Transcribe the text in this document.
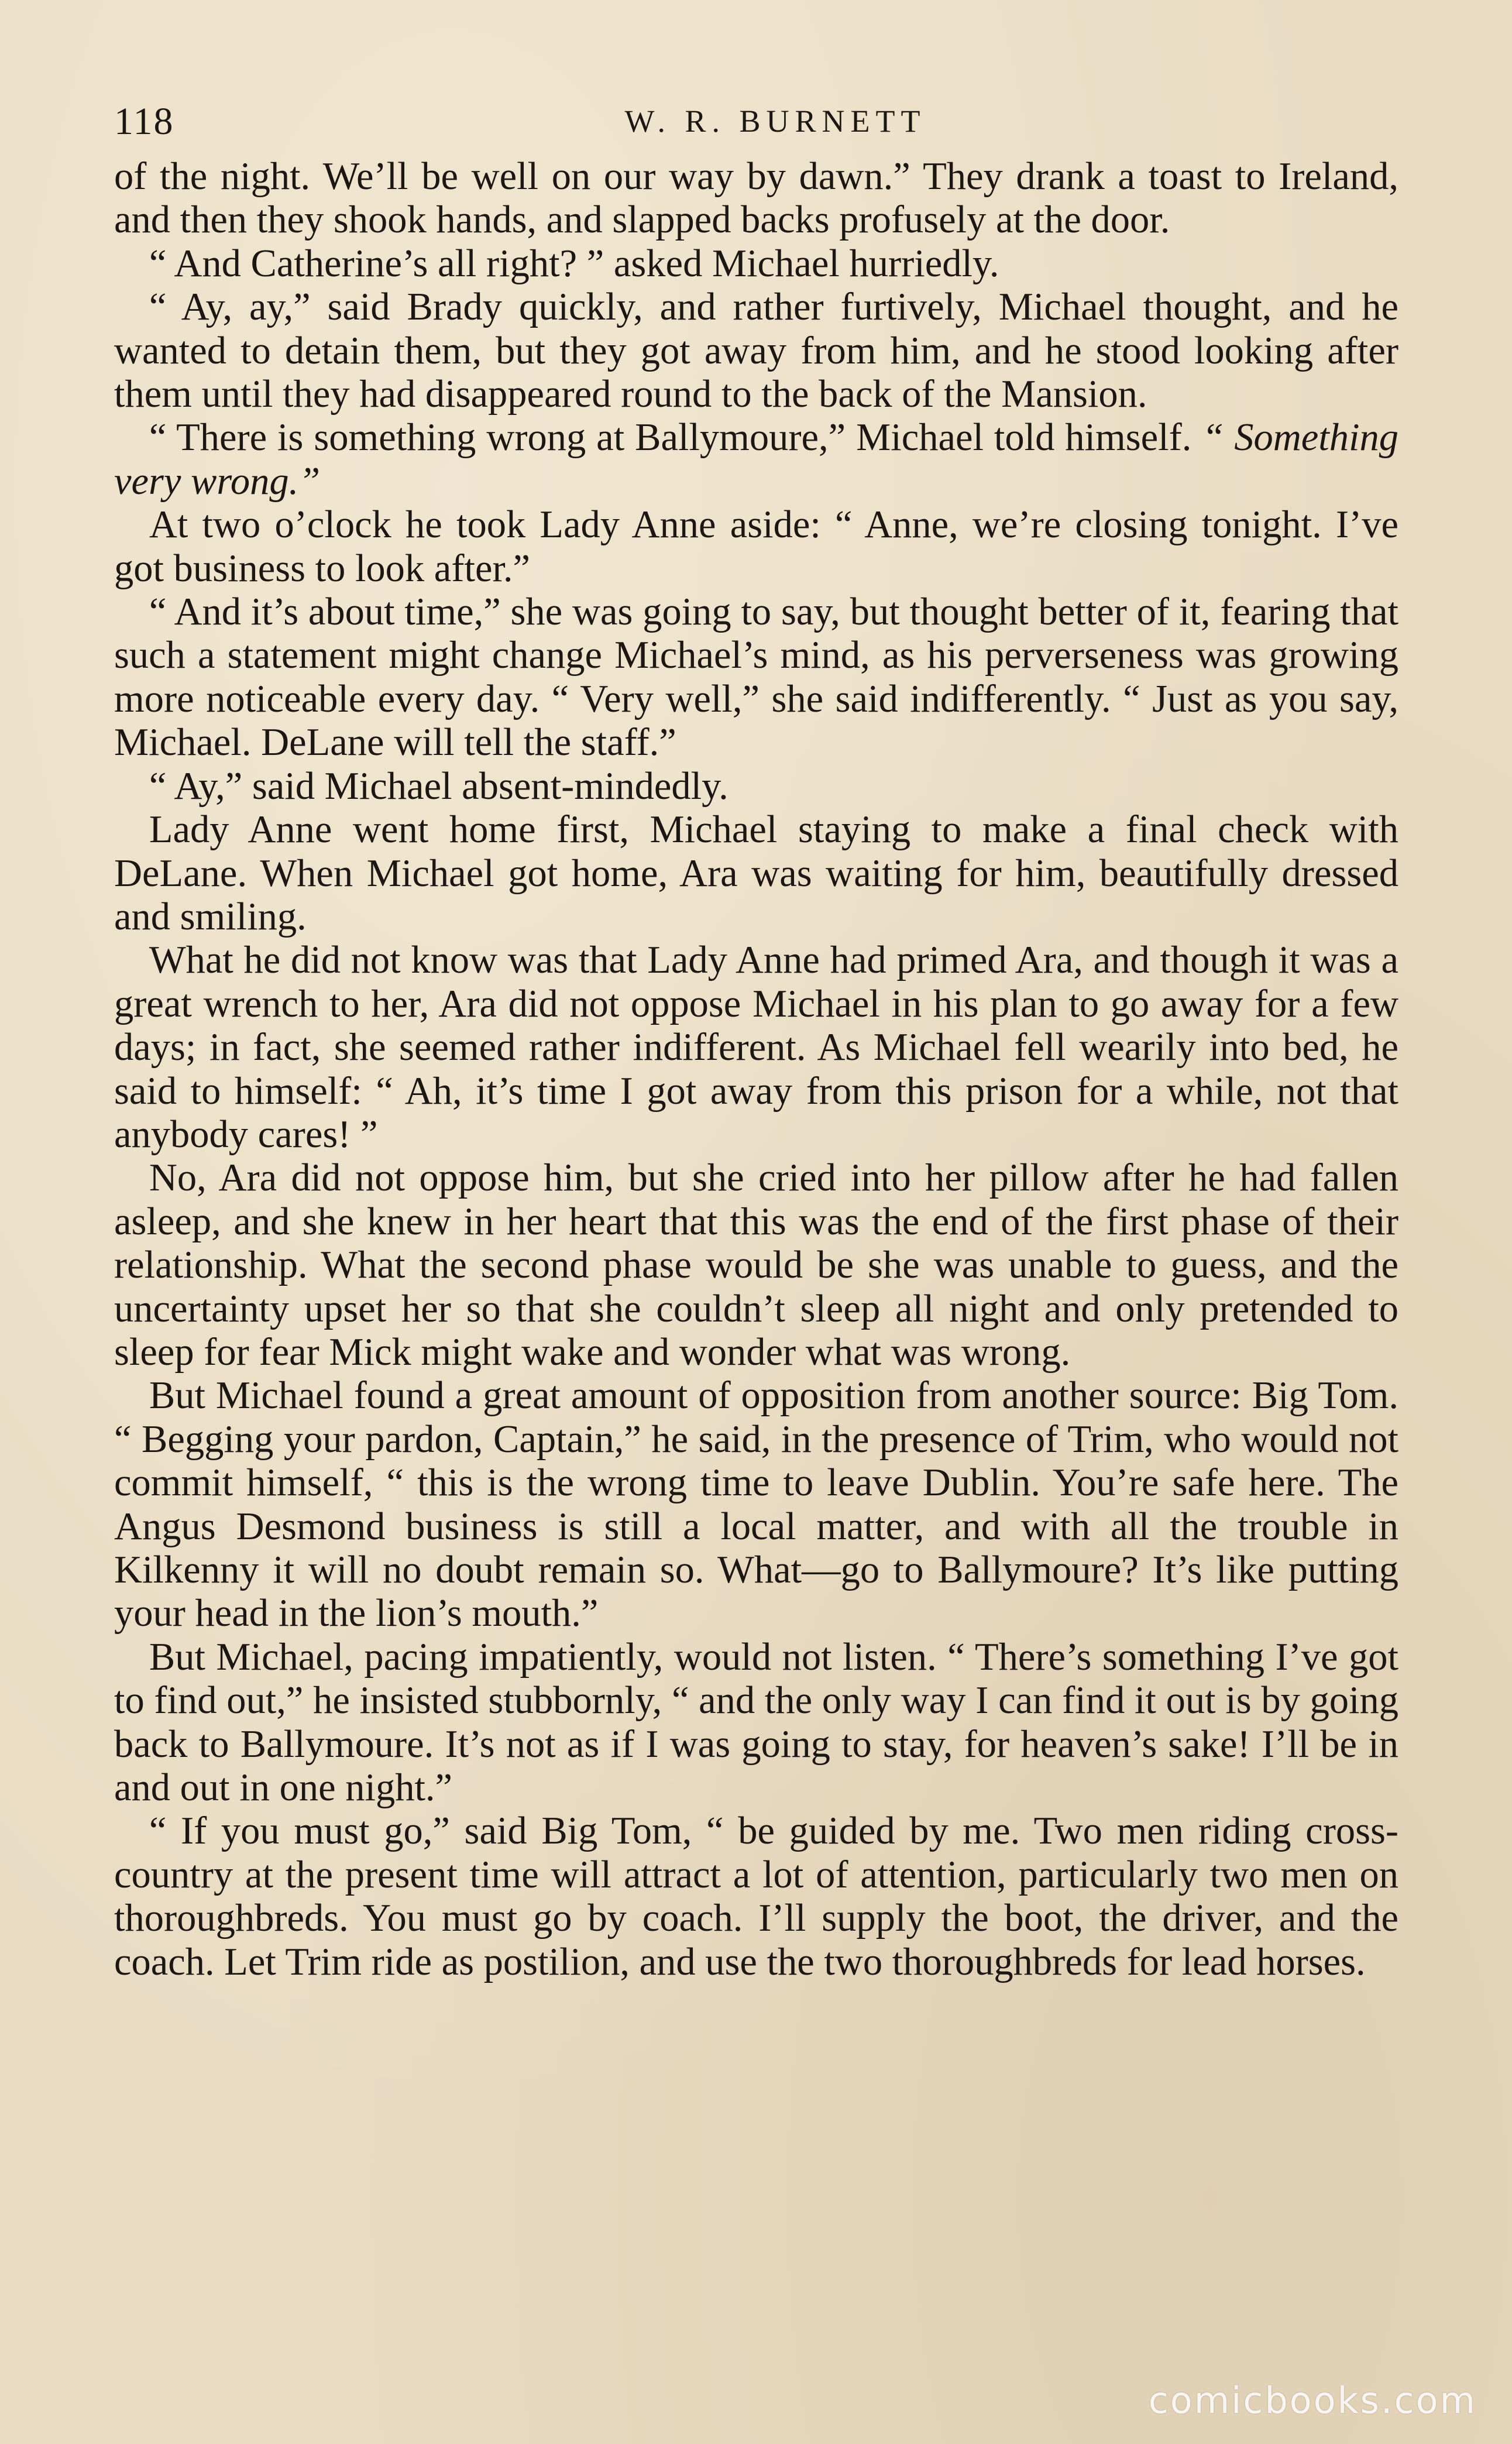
118	W. R. BURNETT

of the night. We’ll be well on our way by dawn.” They drank a toast to Ireland, and then they shook hands, and slapped backs profusely at the door.

“ And Catherine’s all right? ” asked Michael hurriedly.

“ Ay, ay,” said Brady quickly, and rather furtively, Michael thought, and he wanted to detain them, but they got away from him, and he stood looking after them until they had disappeared round to the back of the Mansion.

“ There is something wrong at Ballymoure,” Michael told himself. “ Something very wrong.”

At two o’clock he took Lady Anne aside: “ Anne, we’re closing tonight. I’ve got business to look after.”

“ And it’s about time,” she was going to say, but thought better of it, fearing that such a statement might change Michael’s mind, as his perverseness was growing more noticeable every day. “ Very well,” she said indifferently. “ Just as you say, Michael. DeLane will tell the staff.”

“ Ay,” said Michael absent-mindedly.

Lady Anne went home first, Michael staying to make a final check with DeLane. When Michael got home, Ara was waiting for him, beautifully dressed and smiling.

What he did not know was that Lady Anne had primed Ara, and though it was a great wrench to her, Ara did not oppose Michael in his plan to go away for a few days; in fact, she seemed rather indifferent. As Michael fell wearily into bed, he said to himself: “ Ah, it’s time I got away from this prison for a while, not that anybody cares! ”

No, Ara did not oppose him, but she cried into her pillow after he had fallen asleep, and she knew in her heart that this was the end of the first phase of their relationship. What the second phase would be she was unable to guess, and the uncertainty upset her so that she couldn’t sleep all night and only pretended to sleep for fear Mick might wake and wonder what was wrong.

But Michael found a great amount of opposition from another source: Big Tom. “ Begging your pardon, Captain,” he said, in the presence of Trim, who would not commit himself, “ this is the wrong time to leave Dublin. You’re safe here. The Angus Desmond business is still a local matter, and with all the trouble in Kilkenny it will no doubt remain so. What—go to Ballymoure? It’s like putting your head in the lion’s mouth.”

But Michael, pacing impatiently, would not listen. “ There’s something I’ve got to find out,” he insisted stubbornly, “ and the only way I can find it out is by going back to Ballymoure. It’s not as if I was going to stay, for heaven’s sake! I’ll be in and out in one night.”

“ If you must go,” said Big Tom, “ be guided by me. Two men riding cross-country at the present time will attract a lot of attention, particularly two men on thoroughbreds. You must go by coach. I’ll supply the boot, the driver, and the coach. Let Trim ride as postilion, and use the two thoroughbreds for lead horses.

comicbooks.com
